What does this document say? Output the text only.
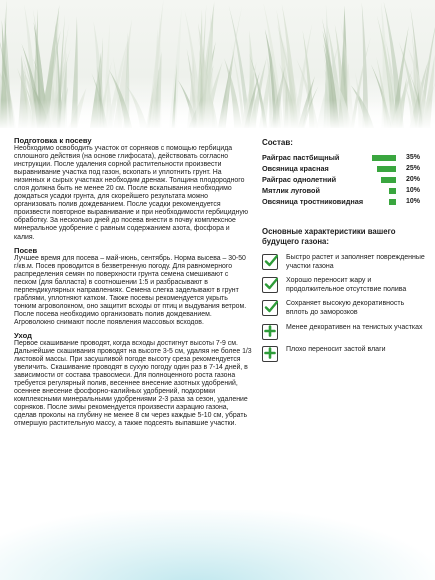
Подготовка к посеву

Необходимо освободить участок от сорняков с помощью гербицида сплошного действия (на основе глифосата), действовать согласно инструкции. После удаления сорной растительности произвести выравнивание участка под газон, вскопать и уплотнить грунт. На низинных и сырых участках необходим дренаж. Толщина плодородного слоя должна быть не менее 20 см. После вскапывания необходимо дождаться усадки грунта, для скорейшего результата можно организовать полив дождеванием. После усадки рекомендуется произвести повторное выравнивание и при необходимости гербицидную обработку. За несколько дней до посева внести в почву комплексное минеральное удобрение с равным содержанием азота, фосфора и калия.

Посев

Лучшее время для посева – май-июнь, сентябрь. Норма высева – 30-50 г/кв.м. Посев проводится в безветренную погоду. Для равномерного распределения семян по поверхности грунта семена смешивают с песком (для балласта) в соотношении 1:5 и разбрасывают в перпендикулярных направлениях. Семена слегка заделывают в грунт граблями, уплотняют катком. Также посевы рекомендуется укрыть тонким агроволокном, оно защитит всходы от птиц и выдувания ветром. После посева необходимо организовать полив дождеванием. Агроволокно снимают после появления массовых всходов.

Уход

Первое скашивание проводят, когда всходы достигнут высоты 7-9 см. Дальнейшие скашивания проводят на высоте 3-5 см, удаляя не более 1/3 листовой массы. При засушливой погоде высоту среза рекомендуется увеличить. Скашивание проводят в сухую погоду один раз в 7-14 дней, в зависимости от состава травосмеси. Для полноценного роста газона требуется регулярный полив, весеннее внесение азотных удобрений, осеннее внесение фосфорно-калийных удобрений, подкормки комплексными минеральными удобрениями 2-3 раза за сезон, удаление сорняков. После зимы рекомендуется произвести аэрацию газона, сделав проколы на глубину не менее 8 см через каждые 5-10 см, убрать отмершую растительную массу, а также подсеять выпавшие участки.

Состав:
Райграс пастбищный	35%
Овсяница красная	25%
Райграс однолетний	20%
Мятлик луговой	10%
Овсяница тростниковидная	10%
Основные характеристики вашего будущего газона:
Быстро растет и заполняет поврежденные участки газона
Хорошо переносит жару и продолжительное отсутствие полива
Сохраняет высокую декоративность вплоть до заморозков
Менее декоративен на тенистых участках
Плохо переносит застой влаги
